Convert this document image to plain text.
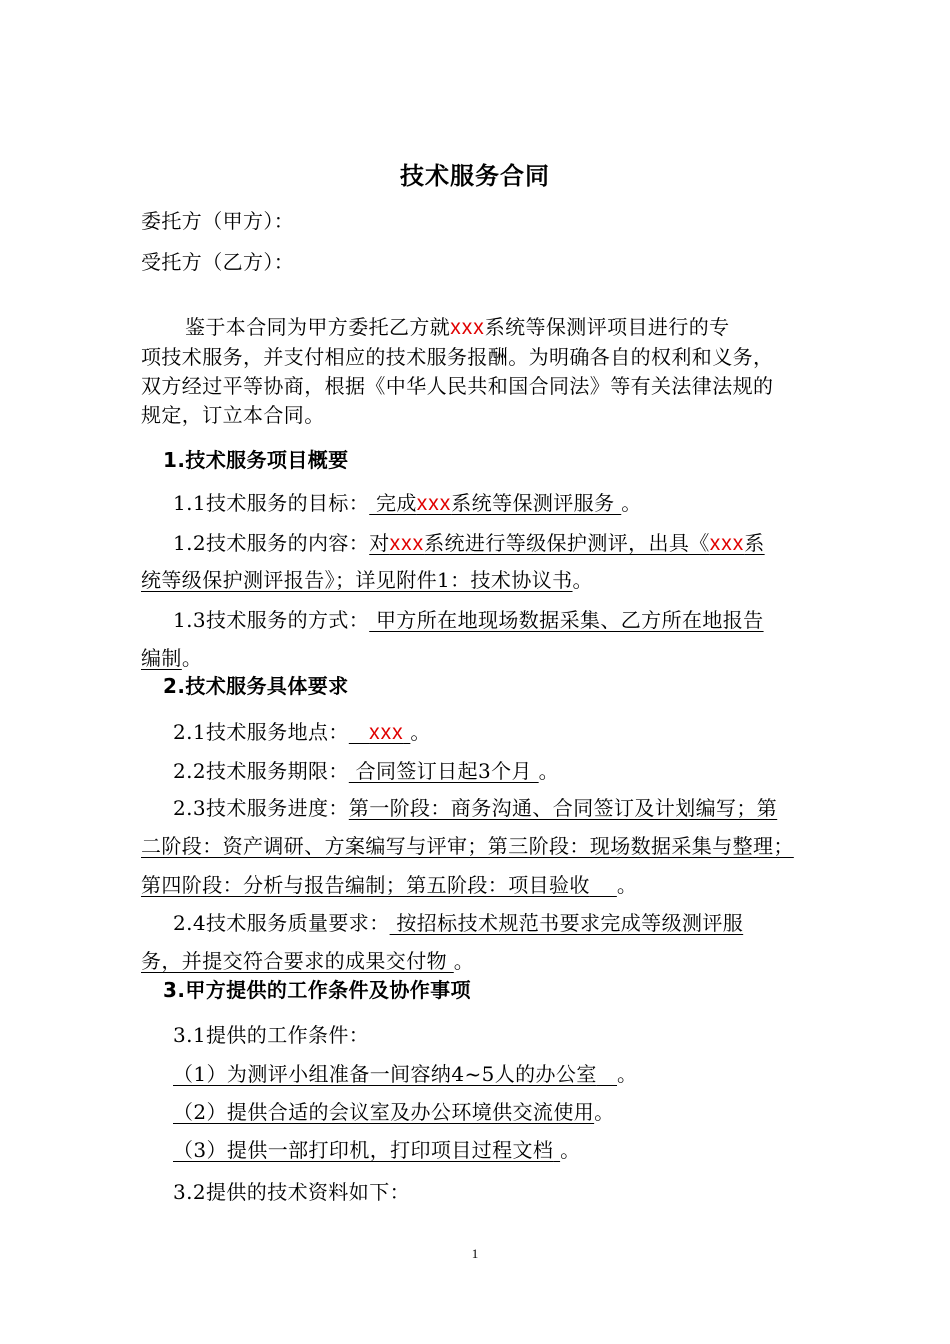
技术服务合同
委托方（甲方）：
受托方（乙方）：
鉴于本合同为甲方委托乙方就xxx系统等保测评项目进行的专
项技术服务，并支付相应的技术服务报酬。为明确各自的权利和义务，
双方经过平等协商，根据《中华人民共和国合同法》等有关法律法规的
规定，订立本合同。
1.技术服务项目概要
1.1技术服务的目标： 完成xxx系统等保测评服务 。
1.2技术服务的内容：对xxx系统进行等级保护测评，出具《xxx系
统等级保护测评报告》；详见附件1：技术协议书。
1.3技术服务的方式： 甲方所在地现场数据采集、乙方所在地报告
编制。
2.技术服务具体要求
2.1技术服务地点： xxx 。
2.2技术服务期限： 合同签订日起3个月 。
2.3技术服务进度：第一阶段：商务沟通、合同签订及计划编写；第
二阶段：资产调研、方案编写与评审；第三阶段：现场数据采集与整理；
第四阶段：分析与报告编制；第五阶段：项目验收 。
2.4技术服务质量要求： 按招标技术规范书要求完成等级测评服
务，并提交符合要求的成果交付物 。
3.甲方提供的工作条件及协作事项
3.1提供的工作条件：
（1）为测评小组准备一间容纳4~5人的办公室 。
（2）提供合适的会议室及办公环境供交流使用。
（3）提供一部打印机，打印项目过程文档 。
3.2提供的技术资料如下：
1
